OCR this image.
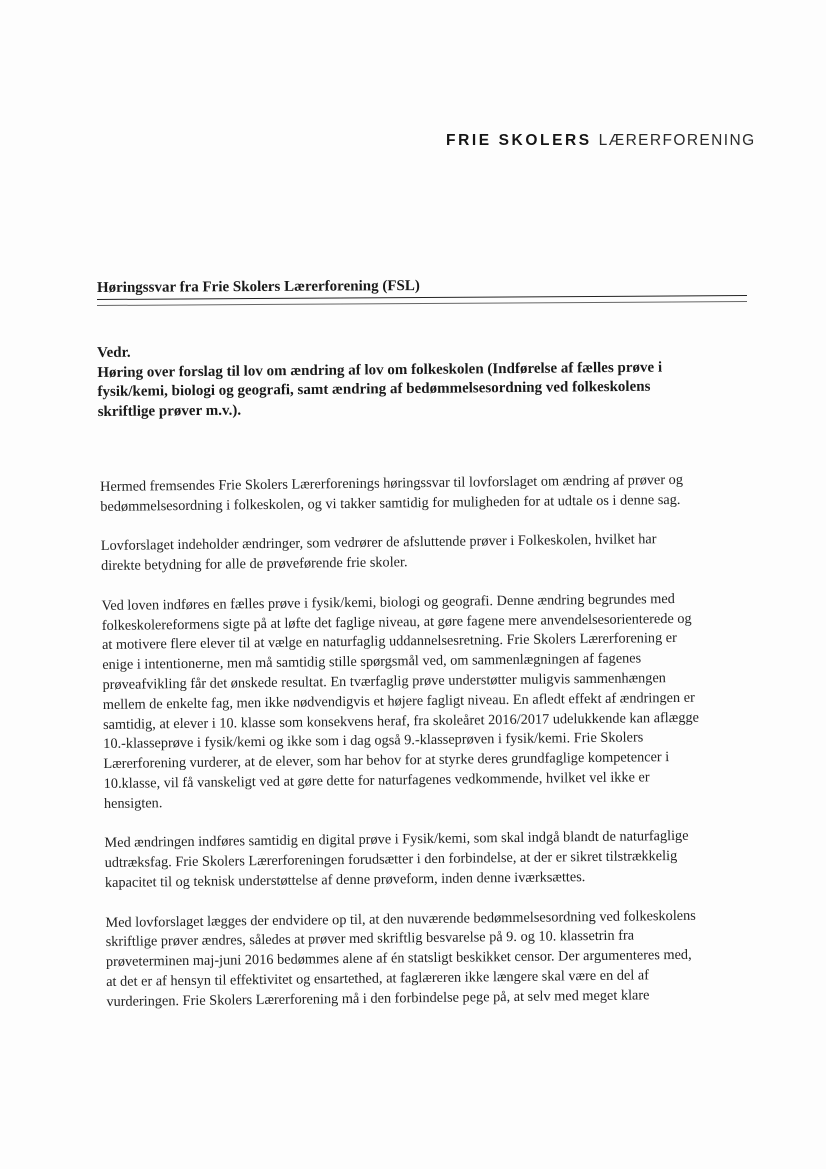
FRIE SKOLERS LÆRERFORENING
Høringssvar fra Frie Skolers Lærerforening (FSL)
Vedr.
Høring over forslag til lov om ændring af lov om folkeskolen (Indførelse af fælles prøve i
fysik/kemi, biologi og geografi, samt ændring af bedømmelsesordning ved folkeskolens
skriftlige prøver m.v.).
Hermed fremsendes Frie Skolers Lærerforenings høringssvar til lovforslaget om ændring af prøver og
bedømmelsesordning i folkeskolen, og vi takker samtidig for muligheden for at udtale os i denne sag.
Lovforslaget indeholder ændringer, som vedrører de afsluttende prøver i Folkeskolen, hvilket har
direkte betydning for alle de prøveførende frie skoler.
Ved loven indføres en fælles prøve i fysik/kemi, biologi og geografi. Denne ændring begrundes med
folkeskolereformens sigte på at løfte det faglige niveau, at gøre fagene mere anvendelsesorienterede og
at motivere flere elever til at vælge en naturfaglig uddannelsesretning. Frie Skolers Lærerforening er
enige i intentionerne, men må samtidig stille spørgsmål ved, om sammenlægningen af fagenes
prøveafvikling får det ønskede resultat. En tværfaglig prøve understøtter muligvis sammenhængen
mellem de enkelte fag, men ikke nødvendigvis et højere fagligt niveau. En afledt effekt af ændringen er
samtidig, at elever i 10. klasse som konsekvens heraf, fra skoleåret 2016/2017 udelukkende kan aflægge
10.-klasseprøve i fysik/kemi og ikke som i dag også 9.-klasseprøven i fysik/kemi. Frie Skolers
Lærerforening vurderer, at de elever, som har behov for at styrke deres grundfaglige kompetencer i
10.klasse, vil få vanskeligt ved at gøre dette for naturfagenes vedkommende, hvilket vel ikke er
hensigten.
Med ændringen indføres samtidig en digital prøve i Fysik/kemi, som skal indgå blandt de naturfaglige
udtræksfag. Frie Skolers Lærerforeningen forudsætter i den forbindelse, at der er sikret tilstrækkelig
kapacitet til og teknisk understøttelse af denne prøveform, inden denne iværksættes.
Med lovforslaget lægges der endvidere op til, at den nuværende bedømmelsesordning ved folkeskolens
skriftlige prøver ændres, således at prøver med skriftlig besvarelse på 9. og 10. klassetrin fra
prøveterminen maj-juni 2016 bedømmes alene af én statsligt beskikket censor. Der argumenteres med,
at det er af hensyn til effektivitet og ensartethed, at faglæreren ikke længere skal være en del af
vurderingen. Frie Skolers Lærerforening må i den forbindelse pege på, at selv med meget klare
